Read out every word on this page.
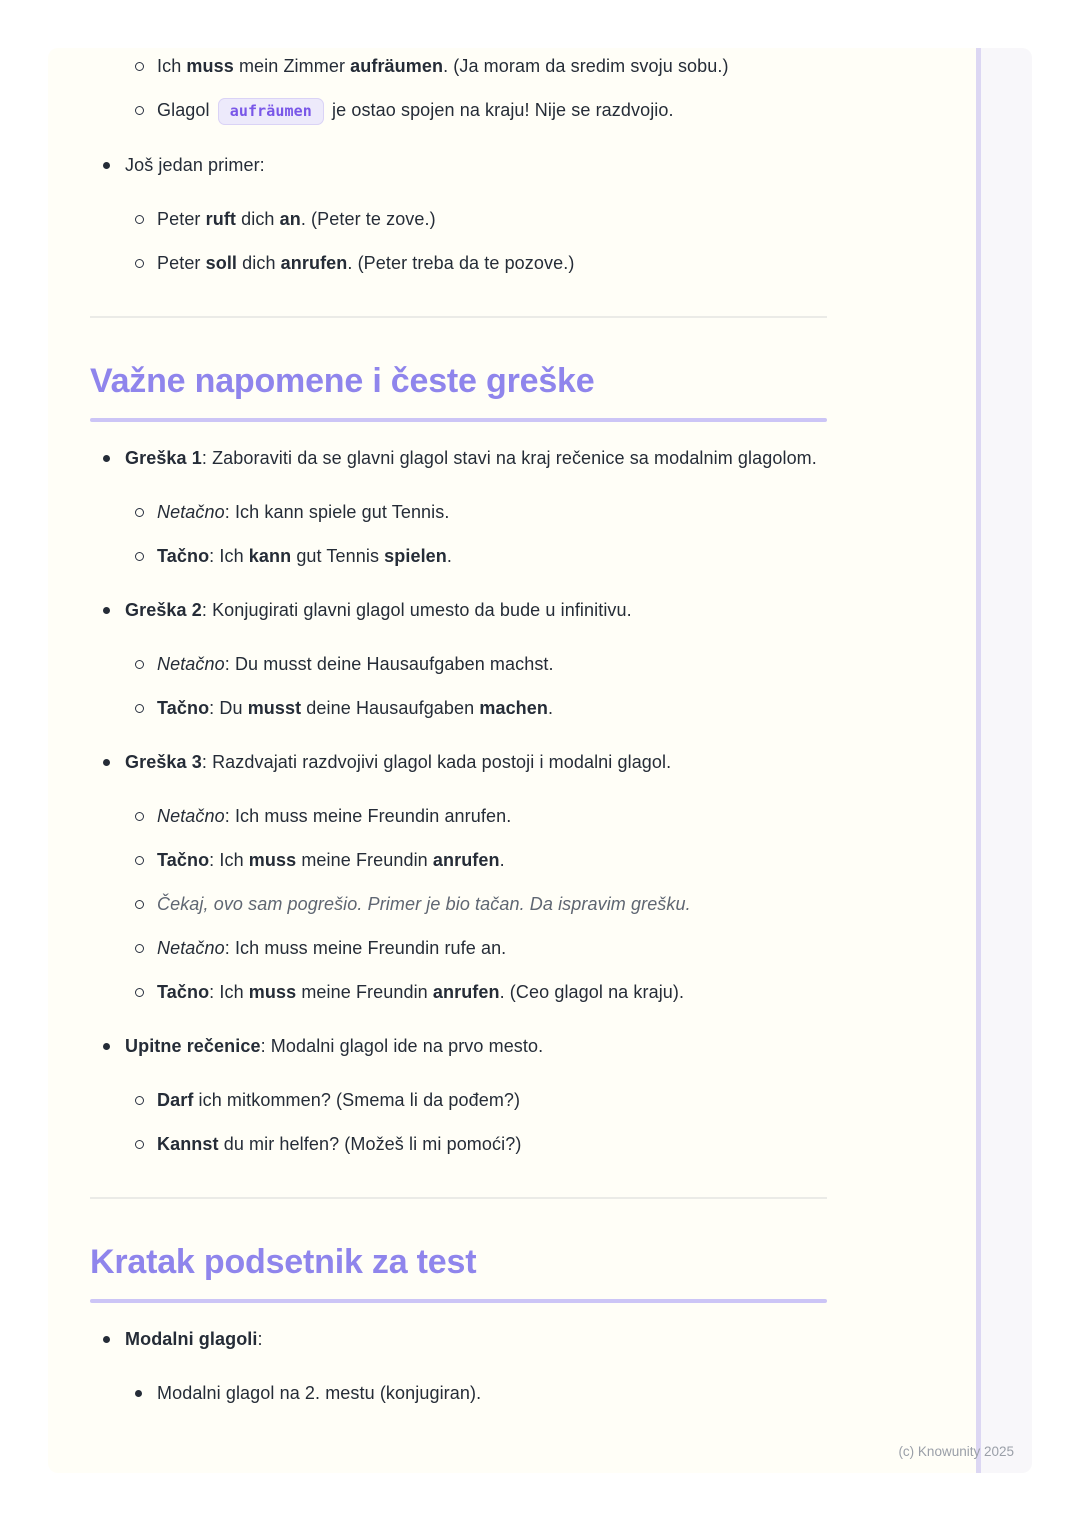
Ich muss mein Zimmer aufräumen. (Ja moram da sredim svoju sobu.)
Glagol aufräumen je ostao spojen na kraju! Nije se razdvojio.
Još jedan primer:
Peter ruft dich an. (Peter te zove.)
Peter soll dich anrufen. (Peter treba da te pozove.)
Važne napomene i česte greške
Greška 1: Zaboraviti da se glavni glagol stavi na kraj rečenice sa modalnim glagolom.
Netačno: Ich kann spiele gut Tennis.
Tačno: Ich kann gut Tennis spielen.
Greška 2: Konjugirati glavni glagol umesto da bude u infinitivu.
Netačno: Du musst deine Hausaufgaben machst.
Tačno: Du musst deine Hausaufgaben machen.
Greška 3: Razdvajati razdvojivi glagol kada postoji i modalni glagol.
Netačno: Ich muss meine Freundin anrufen.
Tačno: Ich muss meine Freundin anrufen.
Čekaj, ovo sam pogrešio. Primer je bio tačan. Da ispravim grešku.
Netačno: Ich muss meine Freundin rufe an.
Tačno: Ich muss meine Freundin anrufen. (Ceo glagol na kraju).
Upitne rečenice: Modalni glagol ide na prvo mesto.
Darf ich mitkommen? (Smema li da pođem?)
Kannst du mir helfen? (Možeš li mi pomoći?)
Kratak podsetnik za test
Modalni glagoli:
Modalni glagol na 2. mestu (konjugiran).
(c) Knowunity 2025
